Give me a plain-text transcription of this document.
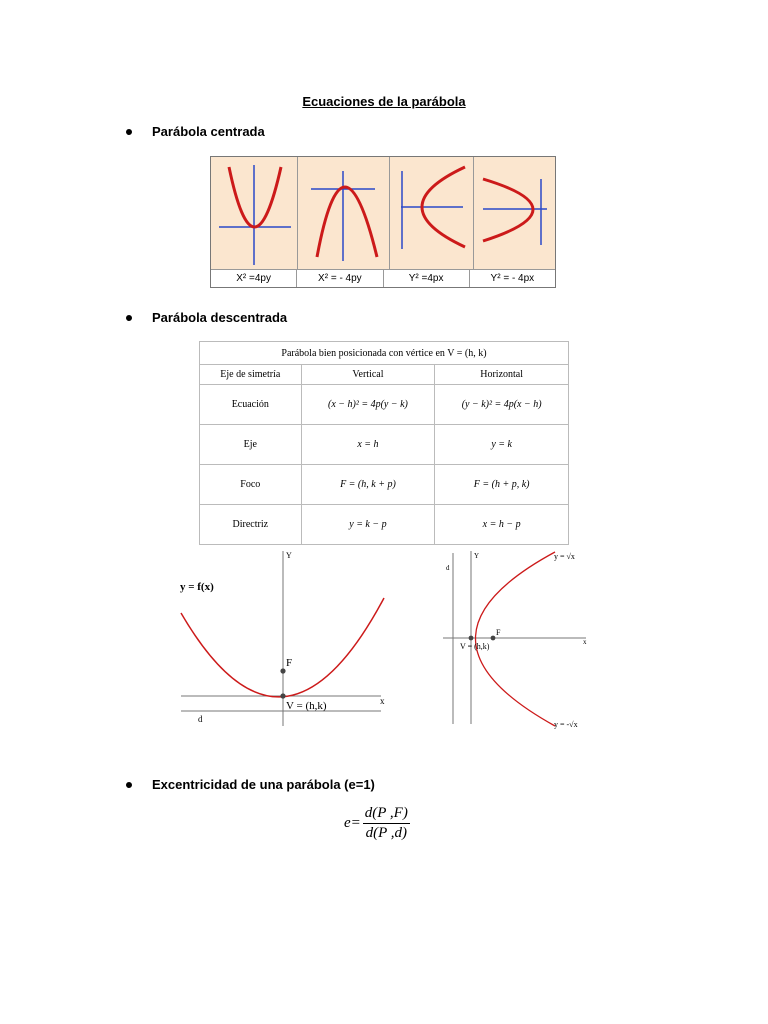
Ecuaciones de la parábola
Parábola centrada
X² =4py	X² = - 4py	Y² =4px	Y² = - 4px
Parábola descentrada
Parábola bien posicionada con vértice en V = (h, k)		
Eje de simetría	Vertical	Horizontal
Ecuación	(x − h)² = 4p(y − k)	(y − k)² = 4p(x − h)
Eje	x = h	y = k
Foco	F = (h, k + p)	F = (h + p, k)
Directriz	y = k − p	x = h − p
y = f(x)
Y
x
F
V = (h,k)
d
d
Y
x
F
V = (h,k)
y = √x
y = -√x
Excentricidad de una parábola (e=1)
$e= \frac{d(P ,F)}{d(P ,d)}$
